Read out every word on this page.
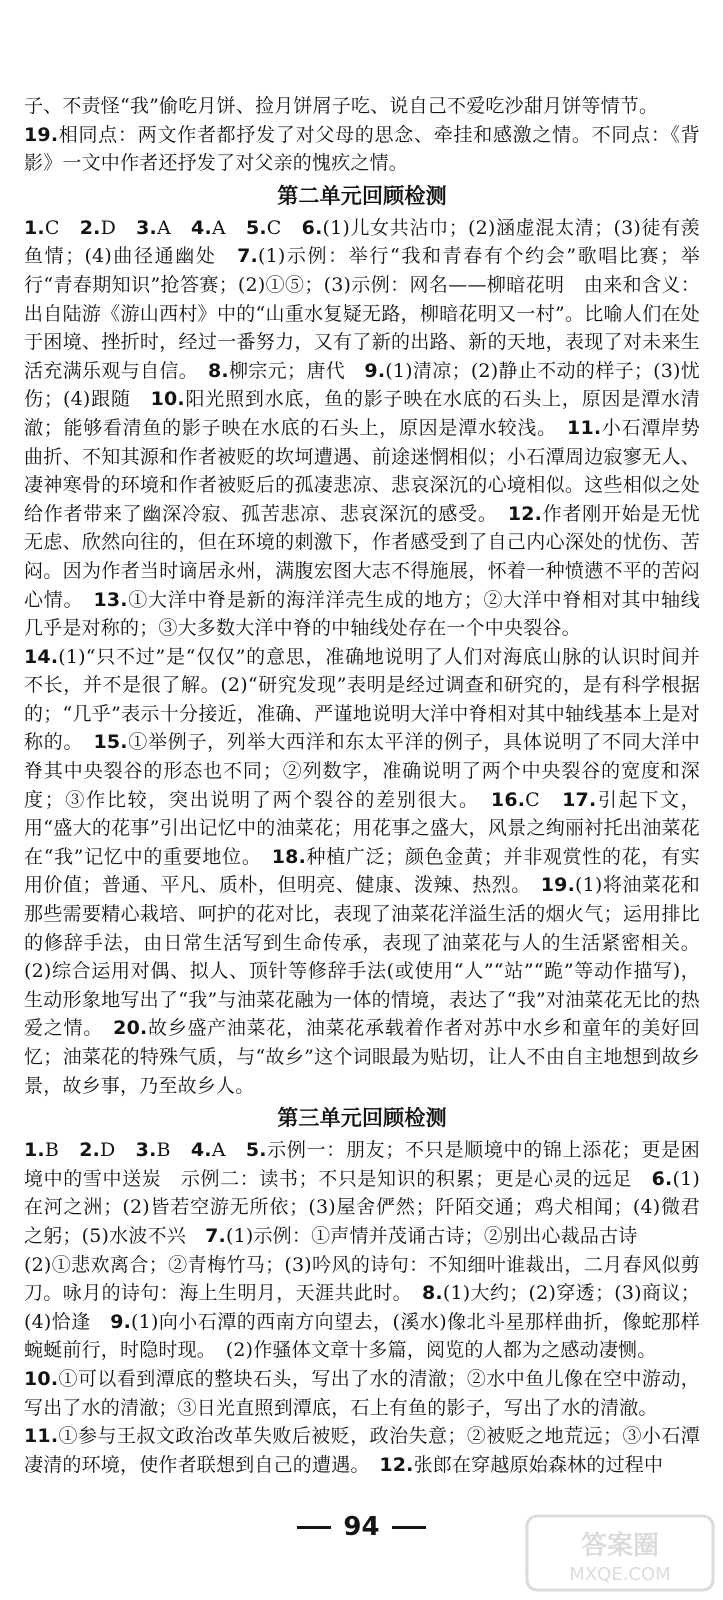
子、不责怪“我”偷吃月饼、捡月饼屑子吃、说自己不爱吃沙甜月饼等情节。

19.相同点：两文作者都抒发了对父母的思念、牵挂和感激之情。不同点：《背影》一文中作者还抒发了对父亲的愧疚之情。

第二单元回顾检测

1.C　2.D　3.A　4.A　5.C　6.(1)儿女共沾巾；(2)涵虚混太清；(3)徒有羡鱼情；(4)曲径通幽处　7.(1)示例：举行“我和青春有个约会”歌唱比赛；举行“青春期知识”抢答赛；(2)①⑤；(3)示例：网名——柳暗花明　由来和含义：出自陆游《游山西村》中的“山重水复疑无路，柳暗花明又一村”。比喻人们在处于困境、挫折时，经过一番努力，又有了新的出路、新的天地，表现了对未来生活充满乐观与自信。　8.柳宗元；唐代　9.(1)清凉；(2)静止不动的样子；(3)忧伤；(4)跟随　10.阳光照到水底，鱼的影子映在水底的石头上，原因是潭水清澈；能够看清鱼的影子映在水底的石头上，原因是潭水较浅。　11.小石潭岸势曲折、不知其源和作者被贬的坎坷遭遇、前途迷惘相似；小石潭周边寂寥无人、凄神寒骨的环境和作者被贬后的孤凄悲凉、悲哀深沉的心境相似。这些相似之处给作者带来了幽深冷寂、孤苦悲凉、悲哀深沉的感受。　12.作者刚开始是无忧无虑、欣然向往的，但在环境的刺激下，作者感受到了自己内心深处的忧伤、苦闷。因为作者当时谪居永州，满腹宏图大志不得施展，怀着一种愤懑不平的苦闷心情。　13.①大洋中脊是新的海洋洋壳生成的地方；②大洋中脊相对其中轴线几乎是对称的；③大多数大洋中脊的中轴线处存在一个中央裂谷。

14.(1)“只不过”是“仅仅”的意思，准确地说明了人们对海底山脉的认识时间并不长，并不是很了解。(2)“研究发现”表明是经过调查和研究的，是有科学根据的；“几乎”表示十分接近，准确、严谨地说明大洋中脊相对其中轴线基本上是对称的。　15.①举例子，列举大西洋和东太平洋的例子，具体说明了不同大洋中脊其中央裂谷的形态也不同；②列数字，准确说明了两个中央裂谷的宽度和深度；③作比较，突出说明了两个裂谷的差别很大。　16.C　17.引起下文，用“盛大的花事”引出记忆中的油菜花；用花事之盛大，风景之绚丽衬托出油菜花在“我”记忆中的重要地位。　18.种植广泛；颜色金黄；并非观赏性的花，有实用价值；普通、平凡、质朴，但明亮、健康、泼辣、热烈。　19.(1)将油菜花和那些需要精心栽培、呵护的花对比，表现了油菜花洋溢生活的烟火气；运用排比的修辞手法，由日常生活写到生命传承，表现了油菜花与人的生活紧密相关。(2)综合运用对偶、拟人、顶针等修辞手法(或使用“人”“站”“跪”等动作描写)，生动形象地写出了“我”与油菜花融为一体的情境，表达了“我”对油菜花无比的热爱之情。　20.故乡盛产油菜花，油菜花承载着作者对苏中水乡和童年的美好回忆；油菜花的特殊气质，与“故乡”这个词眼最为贴切，让人不由自主地想到故乡景，故乡事，乃至故乡人。

第三单元回顾检测

1.B　2.D　3.B　4.A　5.示例一：朋友；不只是顺境中的锦上添花；更是困境中的雪中送炭　示例二：读书；不只是知识的积累；更是心灵的远足　6.(1)在河之洲；(2)皆若空游无所依；(3)屋舍俨然；阡陌交通；鸡犬相闻；(4)微君之躬；(5)水波不兴　7.(1)示例：①声情并茂诵古诗；②别出心裁品古诗

(2)①悲欢离合；②青梅竹马；(3)吟风的诗句：不知细叶谁裁出，二月春风似剪刀。咏月的诗句：海上生明月，天涯共此时。　8.(1)大约；(2)穿透；(3)商议；(4)恰逢　9.(1)向小石潭的西南方向望去，(溪水)像北斗星那样曲折，像蛇那样蜿蜒前行，时隐时现。　(2)作骚体文章十多篇，阅览的人都为之感动凄恻。

10.①可以看到潭底的整块石头，写出了水的清澈；②水中鱼儿像在空中游动，写出了水的清澈；③日光直照到潭底，石上有鱼的影子，写出了水的清澈。

11.①参与王叔文政治改革失败后被贬，政治失意；②被贬之地荒远；③小石潭凄清的环境，使作者联想到自己的遭遇。　12.张郎在穿越原始森林的过程中

94
答案圈
MXQE.COM
